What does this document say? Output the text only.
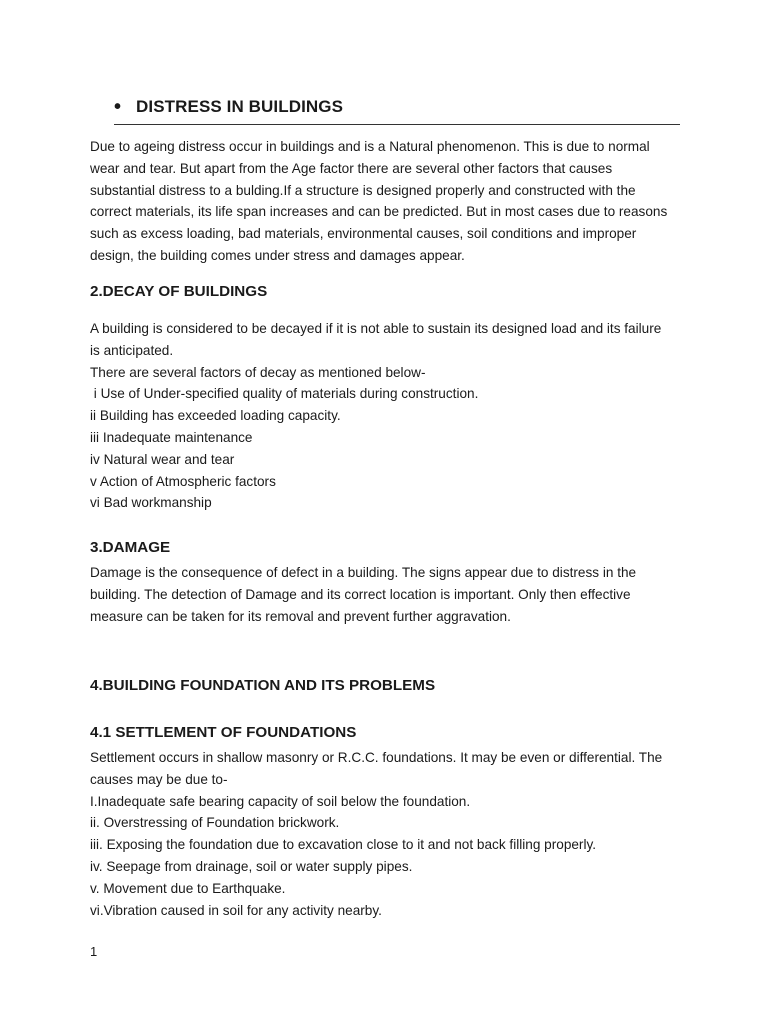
• DISTRESS IN BUILDINGS

Due to ageing distress occur in buildings and is a Natural phenomenon. This is due to normal
wear and tear. But apart from the Age factor there are several other factors that causes
substantial distress to a bulding.If a structure is designed properly and constructed with the
correct materials, its life span increases and can be predicted. But in most cases due to reasons
such as excess loading, bad materials, environmental causes, soil conditions and improper
design, the building comes under stress and damages appear.

2.DECAY OF BUILDINGS

A building is considered to be decayed if it is not able to sustain its designed load and its failure
is anticipated.
There are several factors of decay as mentioned below-
i Use of Under-specified quality of materials during construction.
ii Building has exceeded loading capacity.
iii Inadequate maintenance
iv Natural wear and tear
v Action of Atmospheric factors
vi Bad workmanship

3.DAMAGE

Damage is the consequence of defect in a building. The signs appear due to distress in the
building. The detection of Damage and its correct location is important. Only then effective
measure can be taken for its removal and prevent further aggravation.

4.BUILDING FOUNDATION AND ITS PROBLEMS

4.1 SETTLEMENT OF FOUNDATIONS

Settlement occurs in shallow masonry or R.C.C. foundations. It may be even or differential. The
causes may be due to-
I.Inadequate safe bearing capacity of soil below the foundation.
ii. Overstressing of Foundation brickwork.
iii. Exposing the foundation due to excavation close to it and not back filling properly.
iv. Seepage from drainage, soil or water supply pipes.
v. Movement due to Earthquake.
vi.Vibration caused in soil for any activity nearby.

1
